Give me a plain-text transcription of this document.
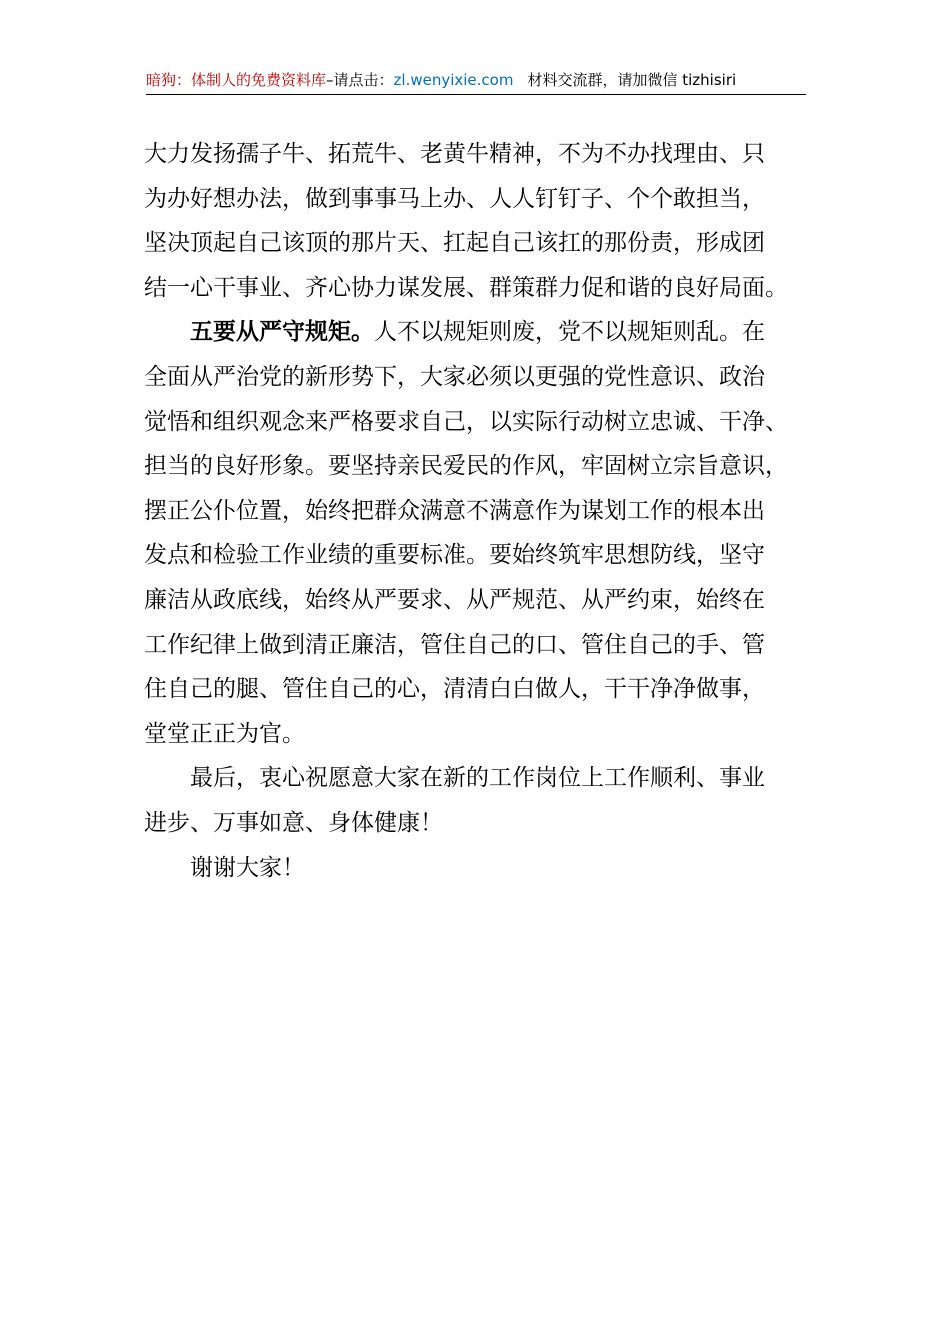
暗狗：体制人的免费资料库–请点击：zl.wenyixie.com 材料交流群，请加微信 tizhisiri

大力发扬孺子牛、拓荒牛、老黄牛精神，不为不办找理由、只

为办好想办法，做到事事马上办、人人钉钉子、个个敢担当，

坚决顶起自己该顶的那片天、扛起自己该扛的那份责，形成团

结一心干事业、齐心协力谋发展、群策群力促和谐的良好局面。

五要从严守规矩。人不以规矩则废，党不以规矩则乱。在

全面从严治党的新形势下，大家必须以更强的党性意识、政治

觉悟和组织观念来严格要求自己，以实际行动树立忠诚、干净、

担当的良好形象。要坚持亲民爱民的作风，牢固树立宗旨意识，

摆正公仆位置，始终把群众满意不满意作为谋划工作的根本出

发点和检验工作业绩的重要标准。要始终筑牢思想防线，坚守

廉洁从政底线，始终从严要求、从严规范、从严约束，始终在

工作纪律上做到清正廉洁，管住自己的口、管住自己的手、管

住自己的腿、管住自己的心，清清白白做人，干干净净做事，

堂堂正正为官。

最后，衷心祝愿意大家在新的工作岗位上工作顺利、事业

进步、万事如意、身体健康！

谢谢大家！
